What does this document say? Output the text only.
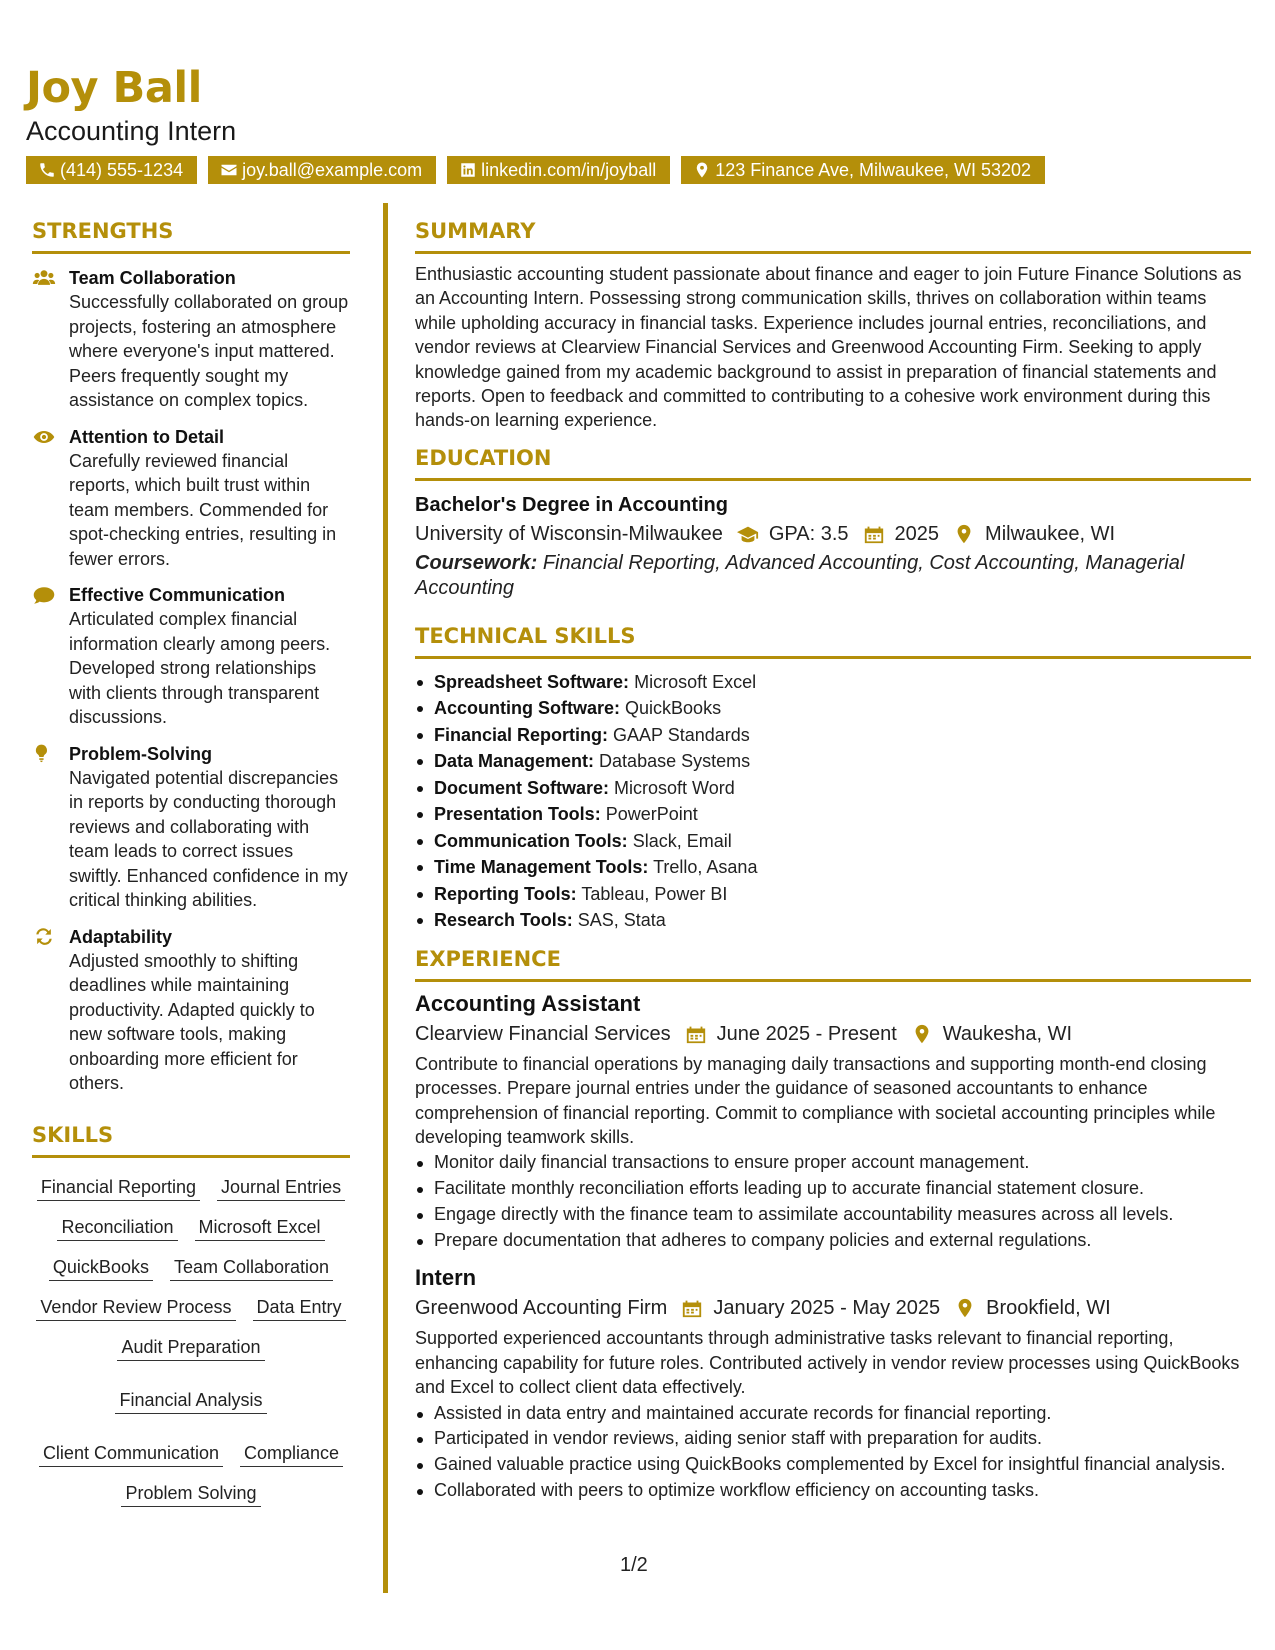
Joy Ball
Accounting Intern
(414) 555-1234	joy.ball@example.com	linkedin.com/in/joyball	123 Finance Ave, Milwaukee, WI 53202
STRENGTHS
Team Collaboration
Successfully collaborated on group projects, fostering an atmosphere where everyone's input mattered. Peers frequently sought my assistance on complex topics.
Attention to Detail
Carefully reviewed financial reports, which built trust within team members. Commended for spot-checking entries, resulting in fewer errors.
Effective Communication
Articulated complex financial information clearly among peers. Developed strong relationships with clients through transparent discussions.
Problem-Solving
Navigated potential discrepancies in reports by conducting thorough reviews and collaborating with team leads to correct issues swiftly. Enhanced confidence in my critical thinking abilities.
Adaptability
Adjusted smoothly to shifting deadlines while maintaining productivity. Adapted quickly to new software tools, making onboarding more efficient for others.
SKILLS
Financial Reporting Journal Entries
Reconciliation Microsoft Excel
QuickBooks Team Collaboration
Vendor Review Process Data Entry
Audit Preparation
Financial Analysis
Client Communication Compliance
Problem Solving
SUMMARY
Enthusiastic accounting student passionate about finance and eager to join Future Finance Solutions as an Accounting Intern. Possessing strong communication skills, thrives on collaboration within teams while upholding accuracy in financial tasks. Experience includes journal entries, reconciliations, and vendor reviews at Clearview Financial Services and Greenwood Accounting Firm. Seeking to apply knowledge gained from my academic background to assist in preparation of financial statements and reports. Open to feedback and committed to contributing to a cohesive work environment during this hands-on learning experience.
EDUCATION
Bachelor's Degree in Accounting
University of Wisconsin-Milwaukee GPA: 3.5 2025 Milwaukee, WI
Coursework: Financial Reporting, Advanced Accounting, Cost Accounting, Managerial Accounting
TECHNICAL SKILLS
Spreadsheet Software: Microsoft Excel
Accounting Software: QuickBooks
Financial Reporting: GAAP Standards
Data Management: Database Systems
Document Software: Microsoft Word
Presentation Tools: PowerPoint
Communication Tools: Slack, Email
Time Management Tools: Trello, Asana
Reporting Tools: Tableau, Power BI
Research Tools: SAS, Stata
EXPERIENCE
Accounting Assistant
Clearview Financial Services June 2025 - Present Waukesha, WI
Contribute to financial operations by managing daily transactions and supporting month-end closing processes. Prepare journal entries under the guidance of seasoned accountants to enhance comprehension of financial reporting. Commit to compliance with societal accounting principles while developing teamwork skills.
Monitor daily financial transactions to ensure proper account management.
Facilitate monthly reconciliation efforts leading up to accurate financial statement closure.
Engage directly with the finance team to assimilate accountability measures across all levels.
Prepare documentation that adheres to company policies and external regulations.
Intern
Greenwood Accounting Firm January 2025 - May 2025 Brookfield, WI
Supported experienced accountants through administrative tasks relevant to financial reporting, enhancing capability for future roles. Contributed actively in vendor review processes using QuickBooks and Excel to collect client data effectively.
Assisted in data entry and maintained accurate records for financial reporting.
Participated in vendor reviews, aiding senior staff with preparation for audits.
Gained valuable practice using QuickBooks complemented by Excel for insightful financial analysis.
Collaborated with peers to optimize workflow efficiency on accounting tasks.
1/2
